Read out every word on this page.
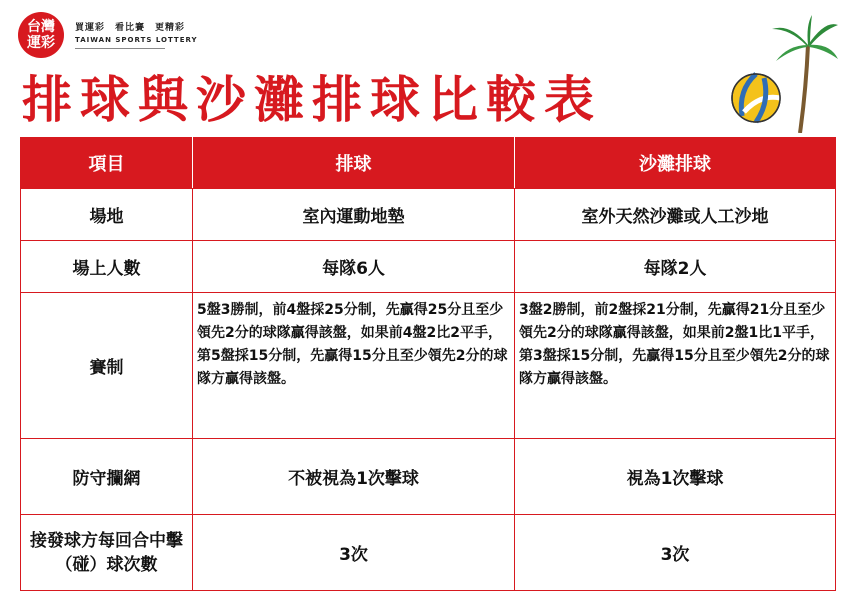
台灣
運彩
買運彩　看比賽　更精彩
TAIWAN SPORTS LOTTERY
排球與沙灘排球比較表
項目	排球	沙灘排球
場地	室內運動地墊	室外天然沙灘或人工沙地
場上人數	每隊6人	每隊2人
賽制	5盤3勝制，前4盤採25分制，先贏得25分且至少領先2分的球隊贏得該盤，如果前4盤2比2平手，第5盤採15分制，先贏得15分且至少領先2分的球隊方贏得該盤。	3盤2勝制，前2盤採21分制，先贏得21分且至少領先2分的球隊贏得該盤，如果前2盤1比1平手，第3盤採15分制，先贏得15分且至少領先2分的球隊方贏得該盤。
防守攔網	不被視為1次擊球	視為1次擊球
接發球方每回合中擊（碰）球次數	3次	3次
